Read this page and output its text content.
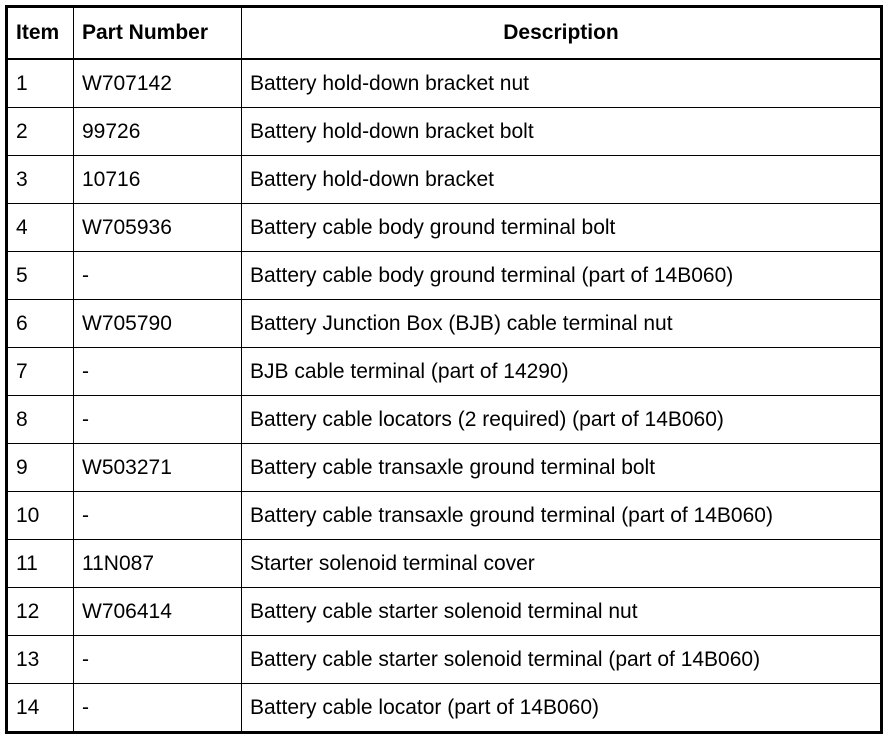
Item	Part Number	Description
1	W707142	Battery hold-down bracket nut
2	99726	Battery hold-down bracket bolt
3	10716	Battery hold-down bracket
4	W705936	Battery cable body ground terminal bolt
5	-	Battery cable body ground terminal (part of 14B060)
6	W705790	Battery Junction Box (BJB) cable terminal nut
7	-	BJB cable terminal (part of 14290)
8	-	Battery cable locators (2 required) (part of 14B060)
9	W503271	Battery cable transaxle ground terminal bolt
10	-	Battery cable transaxle ground terminal (part of 14B060)
11	11N087	Starter solenoid terminal cover
12	W706414	Battery cable starter solenoid terminal nut
13	-	Battery cable starter solenoid terminal (part of 14B060)
14	-	Battery cable locator (part of 14B060)
